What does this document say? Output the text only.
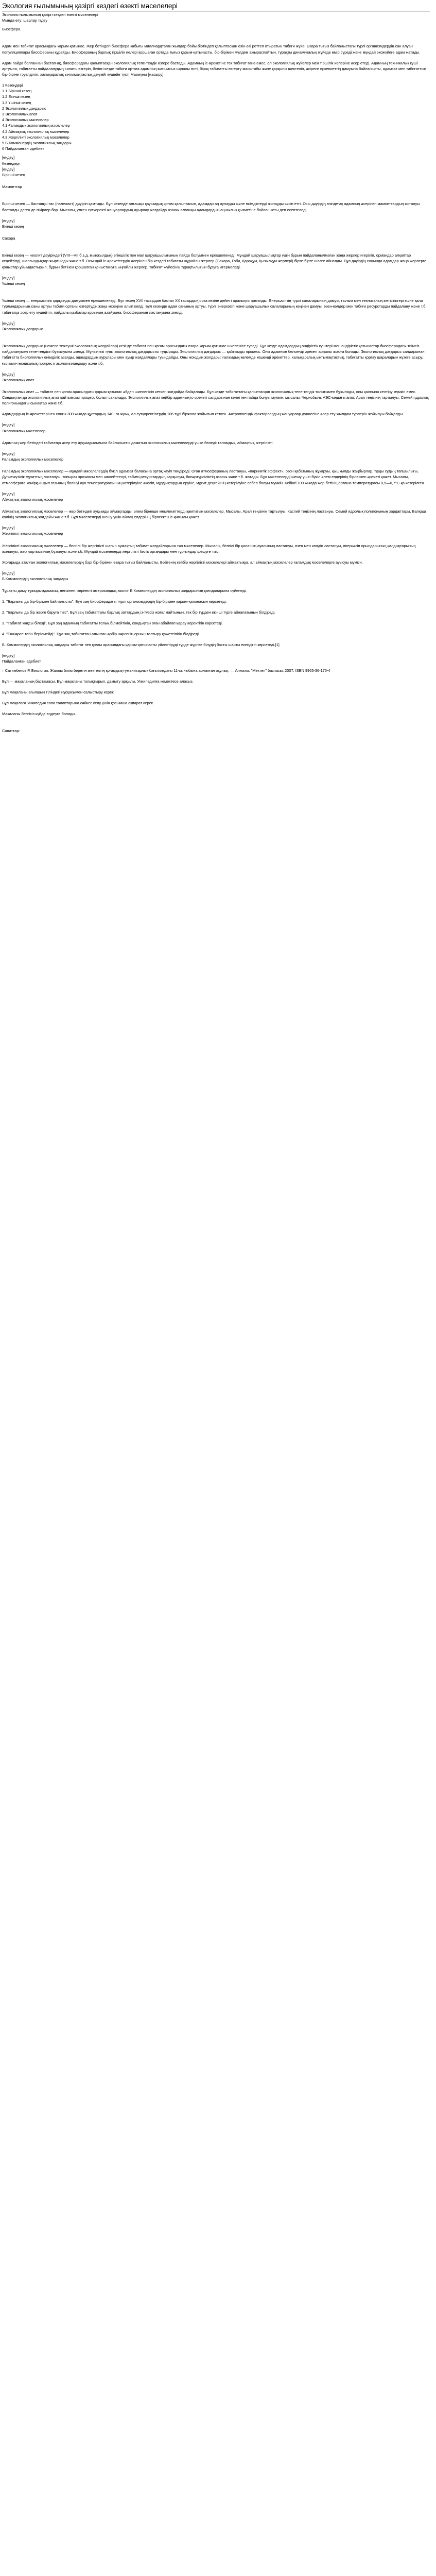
Экология ғылымының қазіргі кездегі өзекті мәселелері
Экология ғылымының қазіргі кездегі өзекті мәселелері
Мыңда өту: шарлау, Іздеу
Биосфера.
Адам мен табиғат арасындағы қарым-қатынас. Жер бетіндегі биосфера қабығы миллиардтаған жылдар бойы біртіндеп қалыптасқан өзін-өзі реттеп отыратын табиғи жүйе. Өзара тығыз байланыстағы түрлі организмдердің сан алуан популяциялары биосфераны құрайды. Биосфераның барлық тіршілік иелері қоршаған ортада тығыз қарым-қатынасты, бір-бірімен мүлдем ажыраспайтын, тұрақты динамикалық жүйеде өмір сүреді және мұндай экожүйеге адам жатады.
Адам пайда болғаннан бастап-ақ, биосферадағы қалыптасқан экологиялық тепе-теңдік өзгере бастады. Адамның іс-әрекетіне тек табиғат ғана емес, ол экологиялық жүйелер мен тіршілік иелеріне әсер етеді. Адамның техникалық күші артуына, табиғатты пайдаланудың сипаты өзгеріп, бүгінгі кезде табиғи ортаға адамның жағымсыз ықпалы өсті, бірақ табиғатты өзгерту масштабы және қарқыны шектеліп, әсіресе өркениеттің дамуына байланысты, адамзат мен табиғаттың бір-біріне тәуелділігі, халықаралық ынтымақтастық деңгейі күшейе түсті.Мазмұны [жасыру]
1 Кезеңдері
1.1 Бірінші кезең
1.2 Екінші кезең
1.3 Үшінші кезең
2 Экологиялық дағдарыс
3 Экологиялық апат
4 Экологиялық мәселелер
4.1 Ғаламдық экологиялық мәселелер
4.2 Аймақтық экологиялық мәселелер
4.3 Жергілікті экологиялық мәселелер
5 Б.Коммонердің экологиялық заңдары
6 Пайдаланған әдебиет
[өңдеу]
Кезеңдері
[өңдеу]
Бірінші кезең
Мамонттар
Бірінші кезең — бастапқы тас (палеолит) дәуірін қамтиды. Бұл кезеңде алғашқы қауымдық қоғам қалыптасып, адамдар аң аулауды және өсімдіктерді жинауды кәсіп етті. Осы дәуірдің өзінде-ақ адамның әсерінен мамонттардың жоғалуы басталды деген де пікірлер бар. Мысалы, үлкен сүтқоректі жануарлардың ауырлау жағдайда азаюы алғашқы адамдардың аңшылық қызметіне байланысты деп есептеледі.
[өңдеу]
Екінші кезең
Сахара
Екінші кезең — неолит дәуіріндегі (VIII—VII б.з.д. мыңжылдық) егіншілік пен мал шаруашылығының пайда болуымен ерекшеленеді. Мұндай шаруашылықтар үшін бұрын пайдаланылмаған жаңа жерлер игеріліп, ормандар алқаптар кеңейтілді, шалғындықтар жыртылды және т.б. Осындай іс-әрекеттердің әсерінен бір кездегі табиғаты шұрайлы жерлер (Сахара, Гоби, Қарақұм, Қызылқұм жерлері) бірте-бірте шөлге айналды. Бұл дәуірдің соңында адамдар жаңа жерлерге қоныстар ұйымдастырып, бұрын бетінен қоршалған қоныстануға ыңғайлы жерлер, табиғат жүйесінің тұрақтылығын бұзуға итермеледі.
[өңдеу]
Үшінші кезең
Үшінші кезең — өнеркәсіптік қарқынды дамуымен ерекшеленеді. Бұл кезең XVII ғасырдан бастап XX ғасырдың орта кезіне дейінгі аралықты қамтиды. Өнеркәсіптің түрлі салаларының дамуы, ғылым мен техниканың жетістіктері және қала тұрғындарының саны артуы табиғи ортаны өзгертудің жаңа кезеңіне алып келді. Бұл кезеңде адам санының артуы, түрлі өнеркәсіп және шаруашылық салаларының кеңінен дамуы, өзен-көлдер мен табиғи ресурстарды пайдалану және т.б. табиғатқа әсер ету күшейтіп, пайдалы қазбалар қорының азайуына, биосфераның ластануына әкелді.
[өңдеу]
Экологиялық дағдарыс
Экологиялық дағдарыс (немесе тежеуші экологиялық жағдайлар) кезінде табиғат пен қоғам арасындағы өзара қарым-қатынас шиеленісе түседі. Бұл кезде адамдардың өндірістік күштері мен өндірістік қатынастар биосферадағы тиімсіз пайдаланумен тепе-теңдікті бұзылуына әкелді. Мұның өзі түпкі экологиялық дағдарысты тудырады. Экологиялық дағдарыс — қайтымды процесс. Оны адамның белсенді әрекеті арқылы жоюға болады. Экологиялық дағдарыс салдарынан табиғатта биологиялық өнімділік азаяды, адамдардың аурулары мен ауыр жағдайлары туындайды. Оны жоюдың жолдары: ғаламдық көлемде кешенді әрекеттер, халықаралық ынтымақтастық, табиғатты қорғау шараларын жүзеге асыру, ғылыми-техникалық прогресті экологияландыру және т.б.
[өңдеу]
Экологиялық апат
Экологиялық апат — табиғат пен қоғам арасындағы қарым-қатынас әбден шиеленісіп кеткен жағдайда байқалады. Бұл кезде табиғаттағы қалыптасқан экологиялық тепе-теңдік толығымен бұзылады, оны қалпына келтіру мүмкін емес. Сондықтан да экологиялық апат қайтымсыз процесс болып саналады. Экологиялық апат кейбір адамның іс-әрекеті салдарынан кенеттен пайда болуы мүмкін, мысалы: Чернобыль АЭС-ындағы апат, Арал теңізінің тартылуы, Семей ядролық полигонындағы сынақтар және т.б.
Адамдардың іс-әрекеттерінен соңғы 300 жылда құстардың 140- ға жуық, ал сүтқоректілердің 106 түрі біржола жойылып кеткен. Антропогендік факторлардың жануарлар дүниесіне әсер ету жылдам түрлерін жойылуы байқалды.
[өңдеу]
Экологиялық мәселелер
Адамның жер бетіндегі табиғатқа әсер ету ауқымдылығына байланысты дамитын экологиялық мәселелерді үшке бөледі: ғаламдық, аймақтық, жергілікті.
[өңдеу]
Ғаламдық экологиялық мәселелер
Ғаламдық экологиялық мәселелер — мұндай мәселелердің бүкіл адамзат баласына ортақ қауіп төндіреді. Оған атмосфераның ластануы, «парниктік эффект», озон қабатының жұқаруы, қышқылды жаңбырлар, тұщы судың тапшылығы, Дүниежүзілік мұхиттың ластануы, топырақ эрозиясы мен шөлейттенуі, табиғи ресурстардың сарқылуы, биоәртүрліліктің азаюы және т.б. жатады. Бұл мәселелерді шешу үшін бүкіл әлем елдерінің бірлескен әрекеті қажет. Мысалы, атмосфераға көмірқышқыл газының бөлінуі ауа температурасының көтерілуіне әкеліп, мұздықтардың еруіне, мұхит деңгейінің көтерілуіне себеп болуы мүмкін. Кейінгі 100 жылда жер бетінің орташа температурасы 0,5—0,7°С-қа көтерілген.
[өңдеу]
Аймақтық экологиялық мәселелер
Аймақтық экологиялық мәселелер — жер бетіндегі ауқымды аймақтарды, әлем бірнеше мемлекеттерді қамтитын мәселелер. Мысалы, Арал теңізінің тартылуы, Каспий теңізінің ластануы, Семей ядролық полигонының зардаптары, Балқаш көлінің экологиялық жағдайы және т.б. Бұл мәселелерді шешу үшін аймақ елдерінің бірлескен іс-қимылы қажет.
[өңдеу]
Жергілікті экологиялық мәселелер
Жергілікті экологиялық мәселелер — белгілі бір жергілікті шағын аумақтың табиғат жағдайларына тән мәселелер. Мысалы, белгілі бір қаланың ауасының ластануы, өзен мен көлдің ластануы, өнеркәсіп орындарының қалдықтарының жиналуы, жер қыртысының бұзылуы және т.б. Мұндай мәселелерді жергілікті билік органдары мен тұрғындар шешуге тиіс.
Жоғарыда аталған экологиялық мәселелердің бәрі бір-бірімен өзара тығыз байланысты. Бәйтенің кейбір жергілікті мәселелері аймақтыққа, ал аймақтық мәселелер ғаламдық мәселелерге ауысуы мүмкін.
[өңдеу]
Б.Коммонердің экологиялық заңдары
Тұрақты даму тұжырымдамасы, негізінен, көрнекті американдық эколог Б.Коммонердің экологиялық заңдарының қағидаларына сүйенеді.
1. "Барлығы да бір-бірімен байланысты". Бұл заң биосферадағы түрлі организмдердің бір-бірімен қарым-қатынасын көрсетеді.
2. "Барлығы да бір жерге баруға тиіс". Бұл заң табиғаттағы барлық заттардың із-түзсіз жоғалмайтынын, тек бір түрден екінші түрге айналатынын білдіреді.
3. "Табиғат жақсы біледі". Бұл заң адамның табиғатты толық білмейтінін, сондықтан оған абайлап қарау керектігін көрсетеді.
4. "Ешнәрсе тегін берілмейді". Бұл заң табиғаттан алынған әрбір нәрсенің орнын толтыру қажеттілігін білдіреді.
Б. Коммонердің экологиялық заңдары табиғат пен қоғам арасындағы қарым-қатынасты үйлестіруді түрде жүргізе білудің басты шарты екендігін көрсетеді.[1]
[өңдеу]
Пайдаланған әдебиет
↑ Сатимбеков Р. Биология: Жалпы білім беретін мектептің қоғамдық-гуманитарлық бағытындағы 11-сыныбына арналған оқулық. — Алматы: "Мектеп" баспасы, 2007. ISBN 9965-36-175-4
Бұл — мақаланың бастамасы. Бұл мақаланы толықтырып, дамыту арқылы, Уикипедияға көмектесе аласыз.
Бұл мақаланы ағылшын тіліндегі нұсқасымен салыстыру керек.
Бұл мақалаға Уикипедия сапа талаптарына сәйкес келу үшін қосымша ақпарат керек.
Мақаланы белгісіз күйде өңдеуге болады.
Санаттар:
